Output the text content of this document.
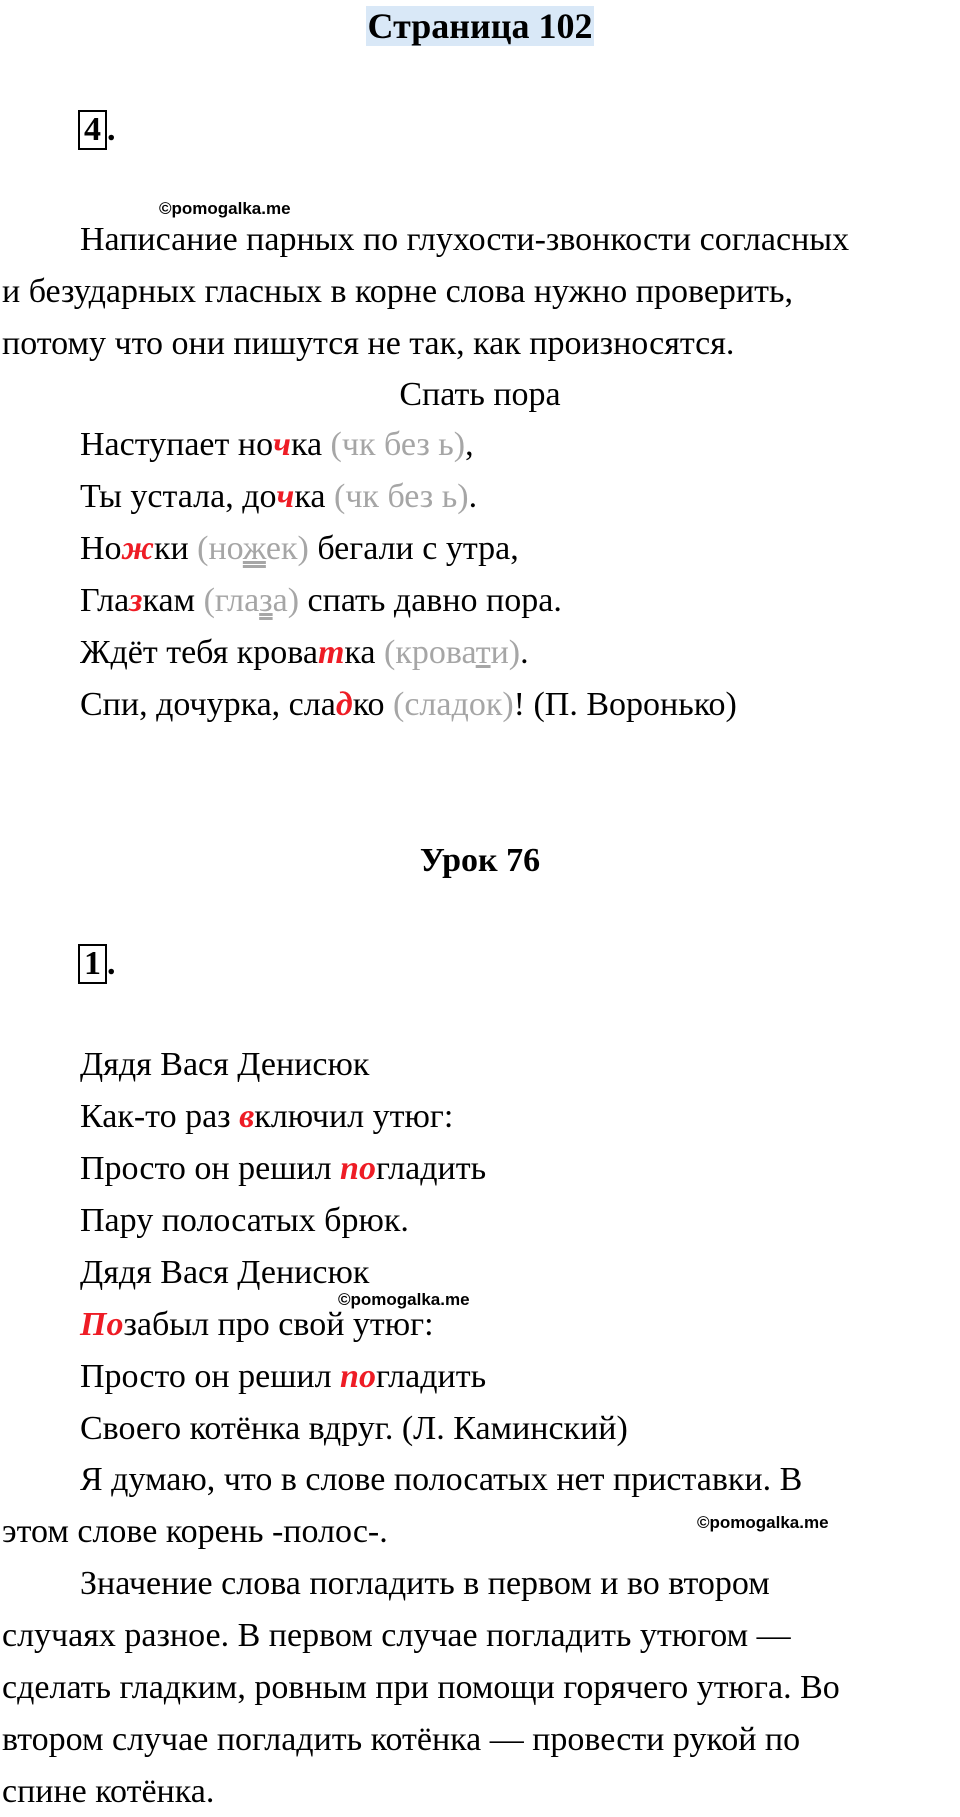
Страница 102
4 .
©pomogalka.me
Написание парных по глухости-звонкости согласных
и безударных гласных в корне слова нужно проверить,
потому что они пишутся не так, как произносятся.
Спать пора
Наступает ночка (чк без ь),
Ты устала, дочка (чк без ь).
Ножки (ножек) бегали с утра,
Глазкам (глаза) спать давно пора.
Ждёт тебя кроватка (кровати).
Спи, дочурка, сладко (сладок)! (П. Воронько)
Урок 76
1 .
Дядя Вася Денисюк
Как-то раз включил утюг:
Просто он решил погладить
Пару полосатых брюк.
Дядя Вася Денисюк
Позабыл про свой утюг:
Просто он решил погладить
Своего котёнка вдруг. (Л. Каминский)
©pomogalka.me
Я думаю, что в слове полосатых нет приставки. В
этом слове корень -полос-.	©pomogalka.me
Значение слова погладить в первом и во втором
случаях разное. В первом случае погладить утюгом —
сделать гладким, ровным при помощи горячего утюга. Во
втором случае погладить котёнка — провести рукой по
спине котёнка.
